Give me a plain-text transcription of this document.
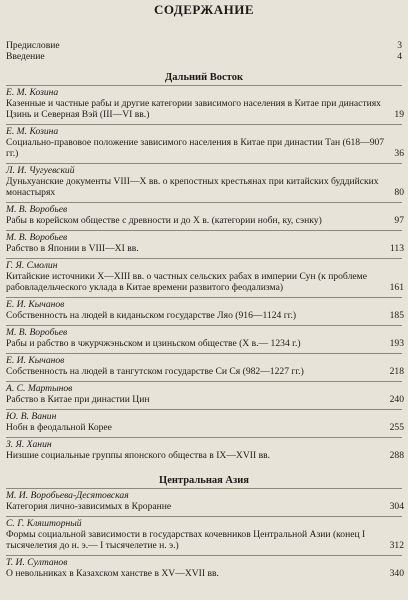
СОДЕРЖАНИЕ
Предисловие	3
Введение	4
Дальний Восток
Е. М. Козина
Казенные и частные рабы и другие категории зависимого населения в Китае при династиях Цзинь и Северная Вэй (III—VI вв.)	19
Е. М. Козина
Социально-правовое положение зависимого населения в Китае при династии Тан (618—907 гг.)	36
Л. И. Чугуевский
Дуньхуанские документы VIII—X вв. о крепостных крестьянах при китайских буддийских монастырях	80
М. В. Воробьев
Рабы в корейском обществе с древности и до X в. (категории нобн, ку, сэнку)	97
М. В. Воробьев
Рабство в Японии в VIII—XI вв.	113
Г. Я. Смолин
Китайские источники X—XIII вв. о частных сельских рабах в империи Сун (к проблеме рабовладельческого уклада в Китае времени развитого феодализма)	161
Е. И. Кычанов
Собственность на людей в киданьском государстве Ляо (916—1124 гг.)	185
М. В. Воробьев
Рабы и рабство в чжурчжэньском и цзиньском обществе (X в.— 1234 г.)	193
Е. И. Кычанов
Собственность на людей в тангутском государстве Си Ся (982—1227 гг.)	218
А. С. Мартынов
Рабство в Китае при династии Цин	240
Ю. В. Ванин
Нобн в феодальной Корее	255
З. Я. Ханин
Низшие социальные группы японского общества в IX—XVII вв.	288
Центральная Азия
М. И. Воробьева-Десятовская
Категория лично-зависимых в Кроранне	304
С. Г. Кляшторный
Формы социальной зависимости в государствах кочевников Центральной Азии (конец I тысячелетия до н. э.— I тысячелетие н. э.)	312
Т. И. Султанов
О невольниках в Казахском ханстве в XV—XVII вв.	340
